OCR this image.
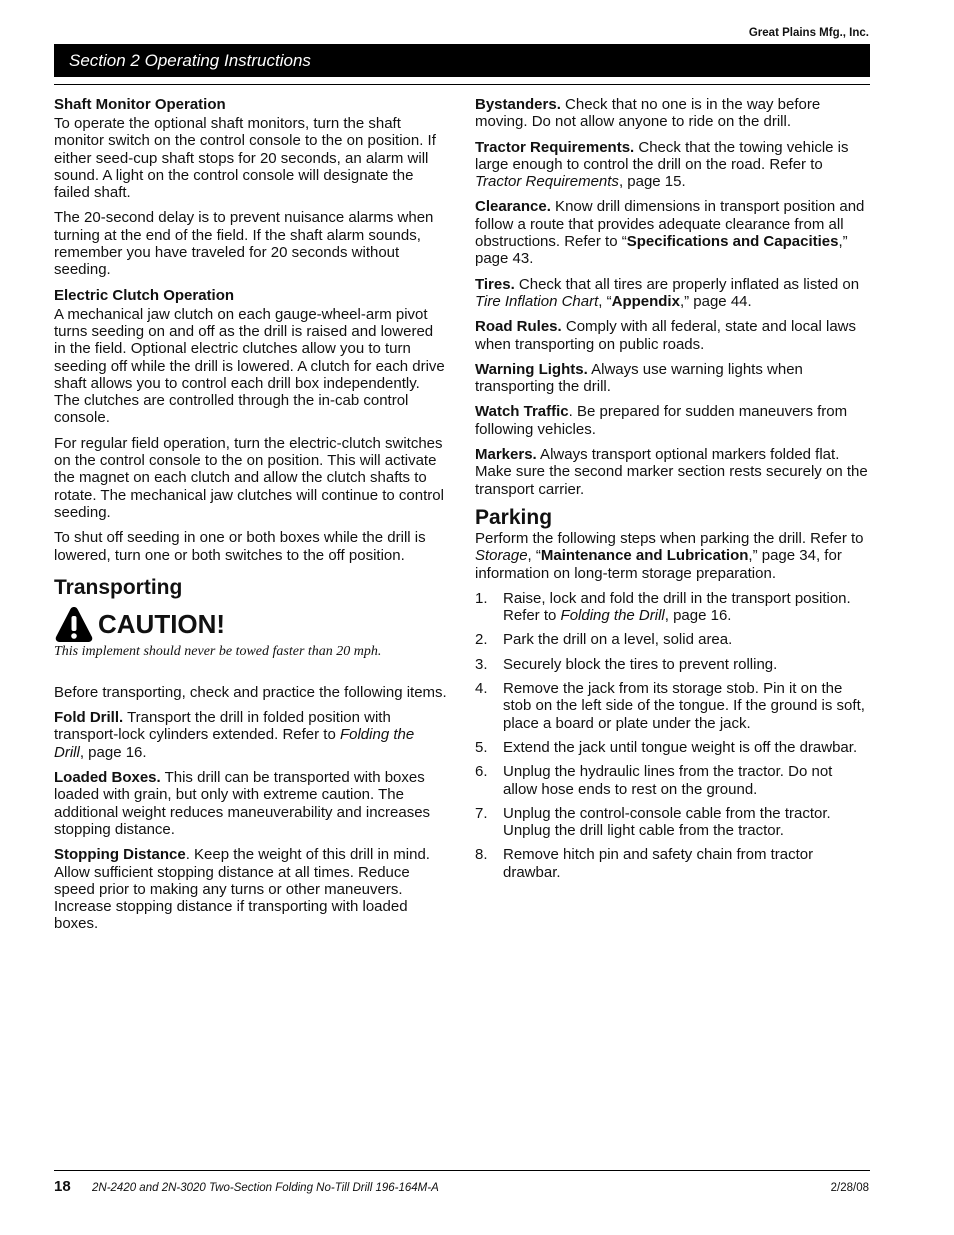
Great Plains Mfg., Inc.
Section 2 Operating Instructions
Shaft Monitor Operation

To operate the optional shaft monitors, turn the shaft monitor switch on the control console to the on position. If either seed-cup shaft stops for 20 seconds, an alarm will sound. A light on the control console will designate the failed shaft.

The 20-second delay is to prevent nuisance alarms when turning at the end of the field. If the shaft alarm sounds, remember you have traveled for 20 seconds without seeding.

Electric Clutch Operation

A mechanical jaw clutch on each gauge-wheel-arm pivot turns seeding on and off as the drill is raised and lowered in the field. Optional electric clutches allow you to turn seeding off while the drill is lowered. A clutch for each drive shaft allows you to control each drill box independently. The clutches are controlled through the in-cab control console.

For regular field operation, turn the electric-clutch switches on the control console to the on position. This will activate the magnet on each clutch and allow the clutch shafts to rotate. The mechanical jaw clutches will continue to control seeding.

To shut off seeding in one or both boxes while the drill is lowered, turn one or both switches to the off position.

Transporting
CAUTION!
This implement should never be towed faster than 20 mph.

Before transporting, check and practice the following items.

Fold Drill. Transport the drill in folded position with transport-lock cylinders extended. Refer to Folding the Drill, page 16.

Loaded Boxes. This drill can be transported with boxes loaded with grain, but only with extreme caution. The additional weight reduces maneuverability and increases stopping distance.

Stopping Distance. Keep the weight of this drill in mind. Allow sufficient stopping distance at all times. Reduce speed prior to making any turns or other maneuvers. Increase stopping distance if transporting with loaded boxes.

Bystanders. Check that no one is in the way before moving. Do not allow anyone to ride on the drill.

Tractor Requirements. Check that the towing vehicle is large enough to control the drill on the road. Refer to Tractor Requirements, page 15.

Clearance. Know drill dimensions in transport position and follow a route that provides adequate clearance from all obstructions. Refer to “Specifications and Capacities,” page 43.

Tires. Check that all tires are properly inflated as listed on Tire Inflation Chart, “Appendix,” page 44.

Road Rules. Comply with all federal, state and local laws when transporting on public roads.

Warning Lights. Always use warning lights when transporting the drill.

Watch Traffic. Be prepared for sudden maneuvers from following vehicles.

Markers. Always transport optional markers folded flat. Make sure the second marker section rests securely on the transport carrier.

Parking

Perform the following steps when parking the drill. Refer to Storage, “Maintenance and Lubrication,” page 34, for information on long-term storage preparation.

1. Raise, lock and fold the drill in the transport position. Refer to Folding the Drill, page 16.
2. Park the drill on a level, solid area.
3. Securely block the tires to prevent rolling.
4. Remove the jack from its storage stob. Pin it on the stob on the left side of the tongue. If the ground is soft, place a board or plate under the jack.
5. Extend the jack until tongue weight is off the drawbar.
6. Unplug the hydraulic lines from the tractor. Do not allow hose ends to rest on the ground.
7. Unplug the control-console cable from the tractor. Unplug the drill light cable from the tractor.
8. Remove hitch pin and safety chain from tractor drawbar.
18 2N-2420 and 2N-3020 Two-Section Folding No-Till Drill 196-164M-A	2/28/08
